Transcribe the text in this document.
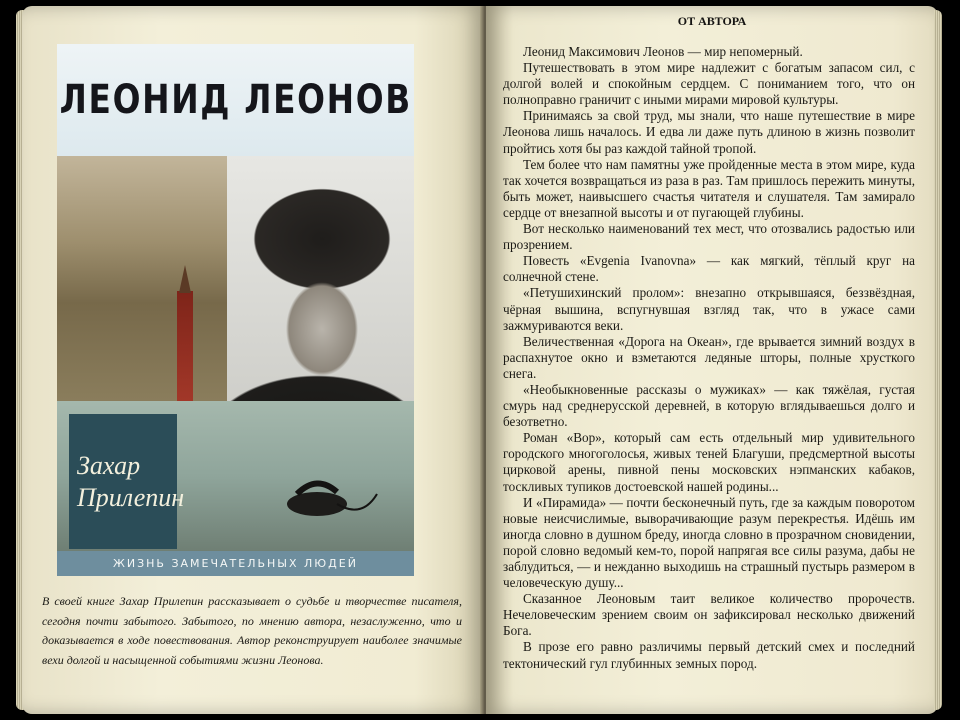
ЛЕОНИД ЛЕОНОВ
Захар
Прилепин
ЖИЗНЬ ЗАМЕЧАТЕЛЬНЫХ ЛЮДЕЙ
В своей книге Захар Прилепин рассказывает о судьбе и творчестве писателя, сегодня почти забытого. Забытого, по мнению автора, незаслуженно, что и доказывается в ходе повествования. Автор реконструирует наиболее значимые вехи долгой и насыщенной событиями жизни Леонова.
ОТ АВТОРА

Леонид Максимович Леонов — мир непомерный.

Путешествовать в этом мире надлежит с богатым запасом сил, с долгой волей и спокойным сердцем. С пониманием того, что он полноправно граничит с иными мирами мировой культуры.

Принимаясь за свой труд, мы знали, что наше путешествие в мире Леонова лишь началось. И едва ли даже путь длиною в жизнь позволит пройтись хотя бы раз каждой тайной тропой.

Тем более что нам памятны уже пройденные места в этом мире, куда так хочется возвращаться из раза в раз. Там пришлось пережить минуты, быть может, наивысшего счастья читателя и слушателя. Там замирало сердце от внезапной высоты и от пугающей глубины.

Вот несколько наименований тех мест, что отозвались радостью или прозрением.

Повесть «Evgenia Ivanovna» — как мягкий, тёплый круг на солнечной стене.

«Петушихинский пролом»: внезапно открывшаяся, беззвёздная, чёрная вышина, вспугнувшая взгляд так, что в ужасе сами зажмуриваются веки.

Величественная «Дорога на Океан», где врывается зимний воздух в распахнутое окно и взметаются ледяные шторы, полные хрусткого снега.

«Необыкновенные рассказы о мужиках» — как тяжёлая, густая смурь над среднерусской деревней, в которую вглядываешься долго и безответно.

Роман «Вор», который сам есть отдельный мир удивительного городского многоголосья, живых теней Благуши, предсмертной высоты цирковой арены, пивной пены московских нэпманских кабаков, тоскливых тупиков достоевской нашей родины...

И «Пирамида» — почти бесконечный путь, где за каждым поворотом новые неисчислимые, выворачивающие разум перекрестья. Идёшь им иногда словно в душном бреду, иногда словно в прозрачном сновидении, порой словно ведомый кем-то, порой напрягая все силы разума, дабы не заблудиться, — и нежданно выходишь на страшный пустырь размером в человеческую душу...

Сказанное Леоновым таит великое количество пророчеств. Нечеловеческим зрением своим он зафиксировал несколько движений Бога.

В прозе его равно различимы первый детский смех и последний тектонический гул глубинных земных пород.
